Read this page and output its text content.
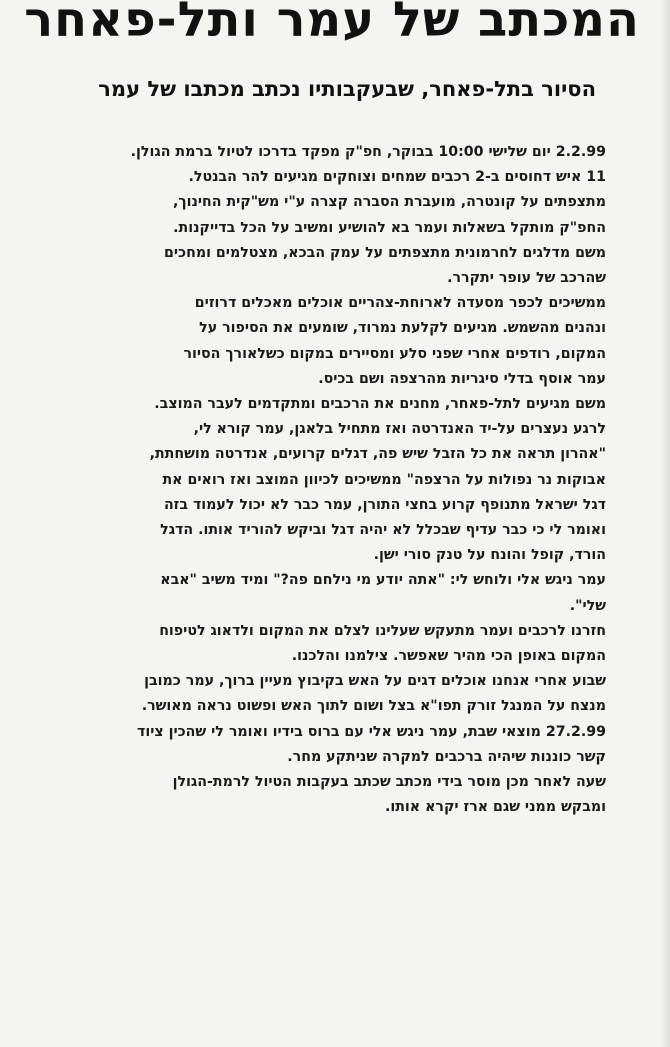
המכתב של עמר ותל-פאחר
הסיור בתל-פאחר, שבעקבותיו נכתב מכתבו של עמר
2.2.99 יום שלישי 10:00 בבוקר, חפ"ק מפקד בדרכו לטיול ברמת הגולן.
11 איש דחוסים ב-2 רכבים שמחים וצוחקים מגיעים להר הבנטל.
מתצפתים על קונטרה, מועברת הסברה קצרה ע"י מש"קית החינוך,
החפ"ק מותקל בשאלות ועמר בא להושיע ומשיב על הכל בדייקנות.
משם מדלגים לחרמונית מתצפתים על עמק הבכא, מצטלמים ומחכים
שהרכב של עופר יתקרר.
ממשיכים לכפר מסעדה לארוחת-צהריים אוכלים מאכלים דרוזים
ונהנים מהשמש. מגיעים לקלעת נמרוד, שומעים את הסיפור על
המקום, רודפים אחרי שפני סלע ומסיירים במקום כשלאורך הסיור
עמר אוסף בדלי סיגריות מהרצפה ושם בכיס.
משם מגיעים לתל-פאחר, מחנים את הרכבים ומתקדמים לעבר המוצב.
לרגע נעצרים על-יד האנדרטה ואז מתחיל בלאגן, עמר קורא לי,
"אהרון תראה את כל הזבל שיש פה, דגלים קרועים, אנדרטה מושחתת,
אבוקות נר נפולות על הרצפה" ממשיכים לכיוון המוצב ואז רואים את
דגל ישראל מתנופף קרוע בחצי התורן, עמר כבר לא יכול לעמוד בזה
ואומר לי כי כבר עדיף שבכלל לא יהיה דגל וביקש להוריד אותו. הדגל
הורד, קופל והונח על טנק סורי ישן.
עמר ניגש אלי ולוחש לי: "אתה יודע מי נילחם פה?" ומיד משיב "אבא
שלי".
חזרנו לרכבים ועמר מתעקש שעלינו לצלם את המקום ולדאוג לטיפוח
המקום באופן הכי מהיר שאפשר. צילמנו והלכנו.
שבוע אחרי אנחנו אוכלים דגים על האש בקיבוץ מעיין ברוך, עמר כמובן
מנצח על המנגל זורק תפו"א בצל ושום לתוך האש ופשוט נראה מאושר.
27.2.99 מוצאי שבת, עמר ניגש אלי עם ברוס בידיו ואומר לי שהכין ציוד
קשר כוננות שיהיה ברכבים למקרה שניתקע מחר.
שעה לאחר מכן מוסר בידי מכתב שכתב בעקבות הטיול לרמת-הגולן
ומבקש ממני שגם ארז יקרא אותו.
